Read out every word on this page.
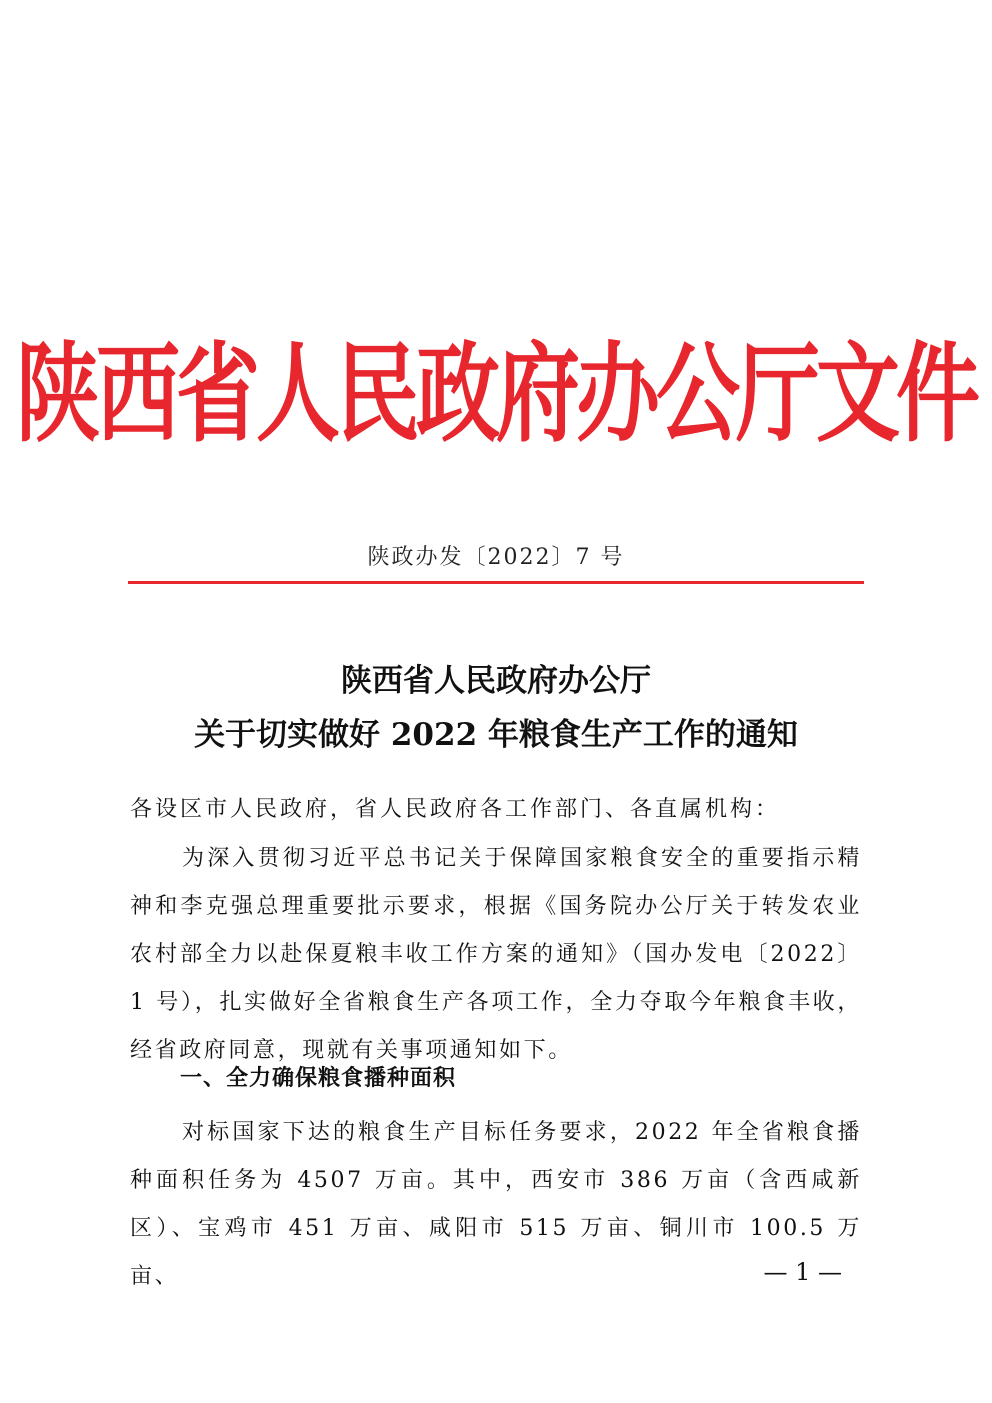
陕西省人民政府办公厅文件
陕政办发〔2022〕7 号
陕西省人民政府办公厅
关于切实做好 2022 年粮食生产工作的通知
各设区市人民政府，省人民政府各工作部门、各直属机构：
为深入贯彻习近平总书记关于保障国家粮食安全的重要指示精神和李克强总理重要批示要求，根据《国务院办公厅关于转发农业农村部全力以赴保夏粮丰收工作方案的通知》（国办发电〔2022〕1 号），扎实做好全省粮食生产各项工作，全力夺取今年粮食丰收，经省政府同意，现就有关事项通知如下。
一、全力确保粮食播种面积
对标国家下达的粮食生产目标任务要求，2022 年全省粮食播种面积任务为 4507 万亩。其中，西安市 386 万亩（含西咸新区）、宝鸡市 451 万亩、咸阳市 515 万亩、铜川市 100.5 万亩、	— 1 —
